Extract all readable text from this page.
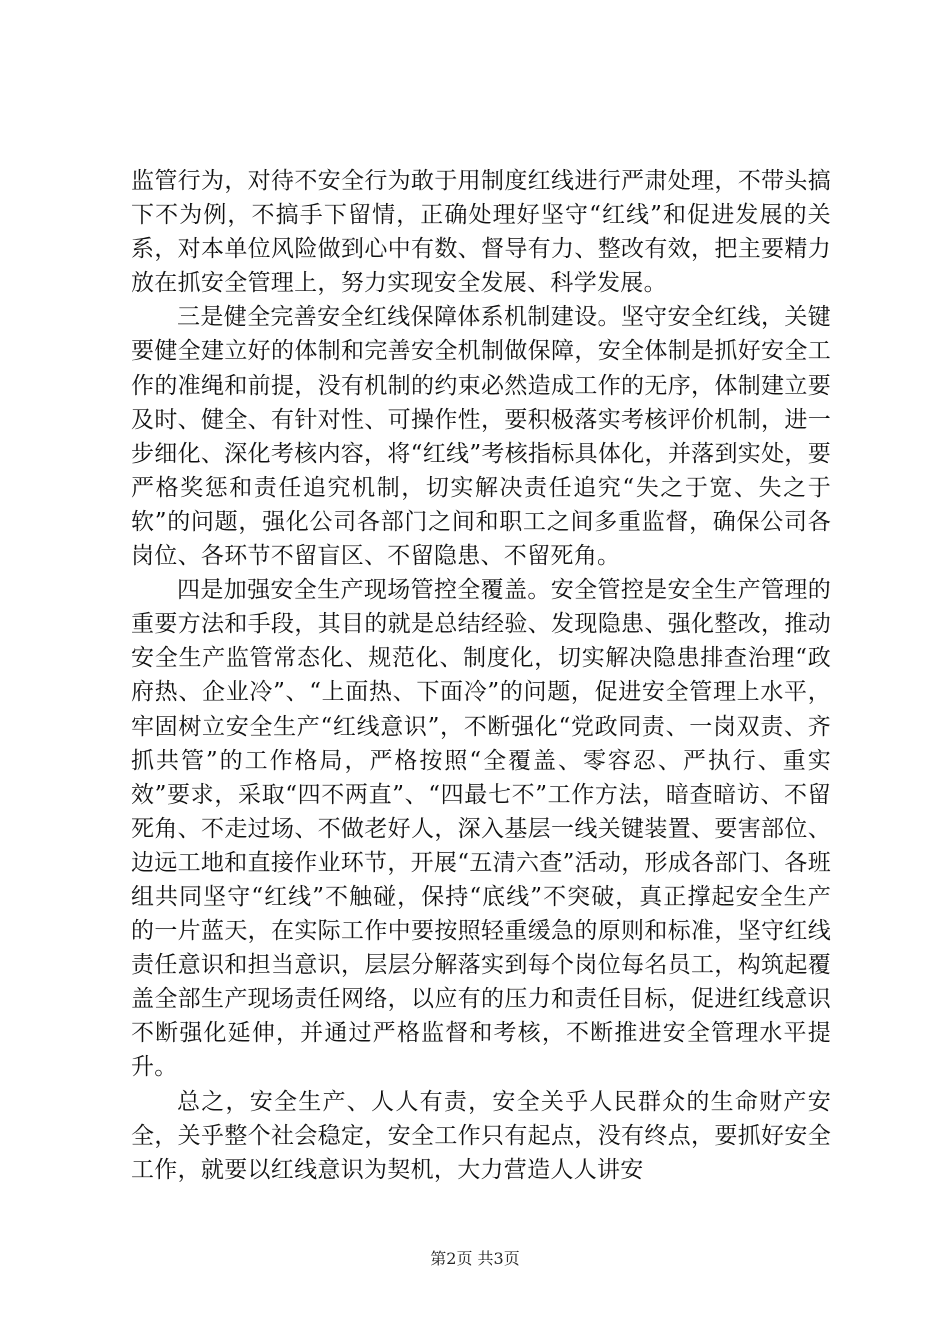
监管行为，对待不安全行为敢于用制度红线进行严肃处理，不带头搞下不为例，不搞手下留情，正确处理好坚守“红线”和促进发展的关系，对本单位风险做到心中有数、督导有力、整改有效，把主要精力放在抓安全管理上，努力实现安全发展、科学发展。

三是健全完善安全红线保障体系机制建设。坚守安全红线，关键要健全建立好的体制和完善安全机制做保障，安全体制是抓好安全工作的准绳和前提，没有机制的约束必然造成工作的无序，体制建立要及时、健全、有针对性、可操作性，要积极落实考核评价机制，进一步细化、深化考核内容，将“红线”考核指标具体化，并落到实处，要严格奖惩和责任追究机制，切实解决责任追究“失之于宽、失之于软”的问题，强化公司各部门之间和职工之间多重监督，确保公司各岗位、各环节不留盲区、不留隐患、不留死角。

四是加强安全生产现场管控全覆盖。安全管控是安全生产管理的重要方法和手段，其目的就是总结经验、发现隐患、强化整改，推动安全生产监管常态化、规范化、制度化，切实解决隐患排查治理“政府热、企业冷”、“上面热、下面冷”的问题，促进安全管理上水平，牢固树立安全生产“红线意识”，不断强化“党政同责、一岗双责、齐抓共管”的工作格局，严格按照“全覆盖、零容忍、严执行、重实效”要求，采取“四不两直”、“四最七不”工作方法，暗查暗访、不留死角、不走过场、不做老好人，深入基层一线关键装置、要害部位、边远工地和直接作业环节，开展“五清六查”活动，形成各部门、各班组共同坚守“红线”不触碰，保持“底线”不突破，真正撑起安全生产的一片蓝天，在实际工作中要按照轻重缓急的原则和标准，坚守红线责任意识和担当意识，层层分解落实到每个岗位每名员工，构筑起覆盖全部生产现场责任网络，以应有的压力和责任目标，促进红线意识不断强化延伸，并通过严格监督和考核，不断推进安全管理水平提升。

总之，安全生产、人人有责，安全关乎人民群众的生命财产安全，关乎整个社会稳定，安全工作只有起点，没有终点，要抓好安全工作，就要以红线意识为契机，大力营造人人讲安

第2页 共3页
